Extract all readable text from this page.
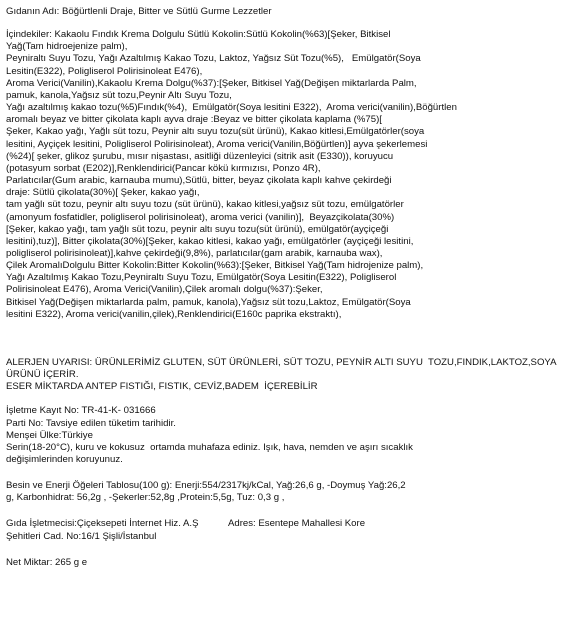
Gıdanın Adı: Böğürtlenli Draje, Bitter ve Sütlü Gurme Lezzetler
İçindekiler: Kakaolu Fındık Krema Dolgulu Sütlü Kokolin:Sütlü Kokolin(%63)[Şeker, Bitkisel
Yağ(Tam hidroejenize palm),
Peyniraltı Suyu Tozu, Yağı Azaltılmış Kakao Tozu, Laktoz, Yağsız Süt Tozu(%5),   Emülgatör(Soya
Lesitin(E322), Poligliserol Polirisinoleat E476),
Aroma Verici(Vanilin),Kakaolu Krema Dolgu(%37):[Şeker, Bitkisel Yağ(Değişen miktarlarda Palm,
pamuk, kanola,Yağsız süt tozu,Peynir Altı Suyu Tozu,
Yağı azaltılmış kakao tozu(%5)Fındık(%4),  Emülgatör(Soya lesitini E322),  Aroma verici(vanilin),Böğürtlen
aromalı beyaz ve bitter çikolata kaplı ayva draje :Beyaz ve bitter çikolata kaplama (%75)[
Şeker, Kakao yağı, Yağlı süt tozu, Peynir altı suyu tozu(süt ürünü), Kakao kitlesi,Emülgatörler(soya
lesitini, Ayçiçek lesitini, Poligliserol Polirisinoleat), Aroma verici(Vanilin,Böğürtlen)] ayva şekerlemesi
(%24)[ şeker, glikoz şurubu, mısır nişastası, asitliği düzenleyici (sitrik asit (E330)), koruyucu
(potasyum sorbat (E202)],Renklendirici(Pancar kökü kırmızısı, Ponzo 4R),
Parlatıcılar(Gum arabic, karnauba mumu),Sütlü, bitter, beyaz çikolata kaplı kahve çekirdeği
draje: Sütlü çikolata(30%)[ Şeker, kakao yağı,
tam yağlı süt tozu, peynir altı suyu tozu (süt ürünü), kakao kitlesi,yağsız süt tozu, emülgatörler
(amonyum fosfatidler, poligliserol polirisinoleat), aroma verici (vanilin)],  Beyazçikolata(30%)
[Şeker, kakao yağı, tam yağlı süt tozu, peynir altı suyu tozu(süt ürünü), emülgatör(ayçiçeği
lesitini),tuz)], Bitter çikolata(30%)[Şeker, kakao kitlesi, kakao yağı, emülgatörler (ayçiçeği lesitini,
poligliserol polirisinoleat)],kahve çekirdeği(9,8%), parlatıcılar(gam arabik, karnauba wax),
Çilek AromalıDolgulu Bitter Kokolin:Bitter Kokolin(%63):[Şeker, Bitkisel Yağ(Tam hidrojenize palm),
Yağı Azaltılmış Kakao Tozu,Peyniraltı Suyu Tozu, Emülgatör(Soya Lesitin(E322), Poligliserol
Polirisinoleat E476), Aroma Verici(Vanilin),Çilek aromalı dolgu(%37):Şeker,
Bitkisel Yağ(Değişen miktarlarda palm, pamuk, kanola),Yağsız süt tozu,Laktoz, Emülgatör(Soya
lesitini E322), Aroma verici(vanilin,çilek),Renklendirici(E160c paprika ekstraktı),
ALERJEN UYARISI: ÜRÜNLERİMİZ GLUTEN, SÜT ÜRÜNLERİ, SÜT TOZU, PEYNİR ALTI SUYU  TOZU,FINDIK,LAKTOZ,SOYA
ÜRÜNÜ İÇERİR.
ESER MİKTARDA ANTEP FISTIĞI, FISTIK, CEVİZ,BADEM  İÇEREBİLİR
İşletme Kayıt No: TR-41-K- 031666
Parti No: Tavsiye edilen tüketim tarihidir.
Menşei Ülke:Türkiye
Serin(18-20°C), kuru ve kokusuz  ortamda muhafaza ediniz. Işık, hava, nemden ve aşırı sıcaklık
değişimlerinden koruyunuz.
Besin ve Enerji Öğeleri Tablosu(100 g): Enerji:554/2317kj/kCal, Yağ:26,6 g, -Doymuş Yağ:26,2
g, Karbonhidrat: 56,2g , -Şekerler:52,8g ,Protein:5,5g, Tuz: 0,3 g ,
Gıda İşletmecisi:Çiçeksepeti İnternet Hiz. A.Ş	Adres: Esentepe Mahallesi Kore
Şehitleri Cad. No:16/1 Şişli/İstanbul
Net Miktar: 265 g e
